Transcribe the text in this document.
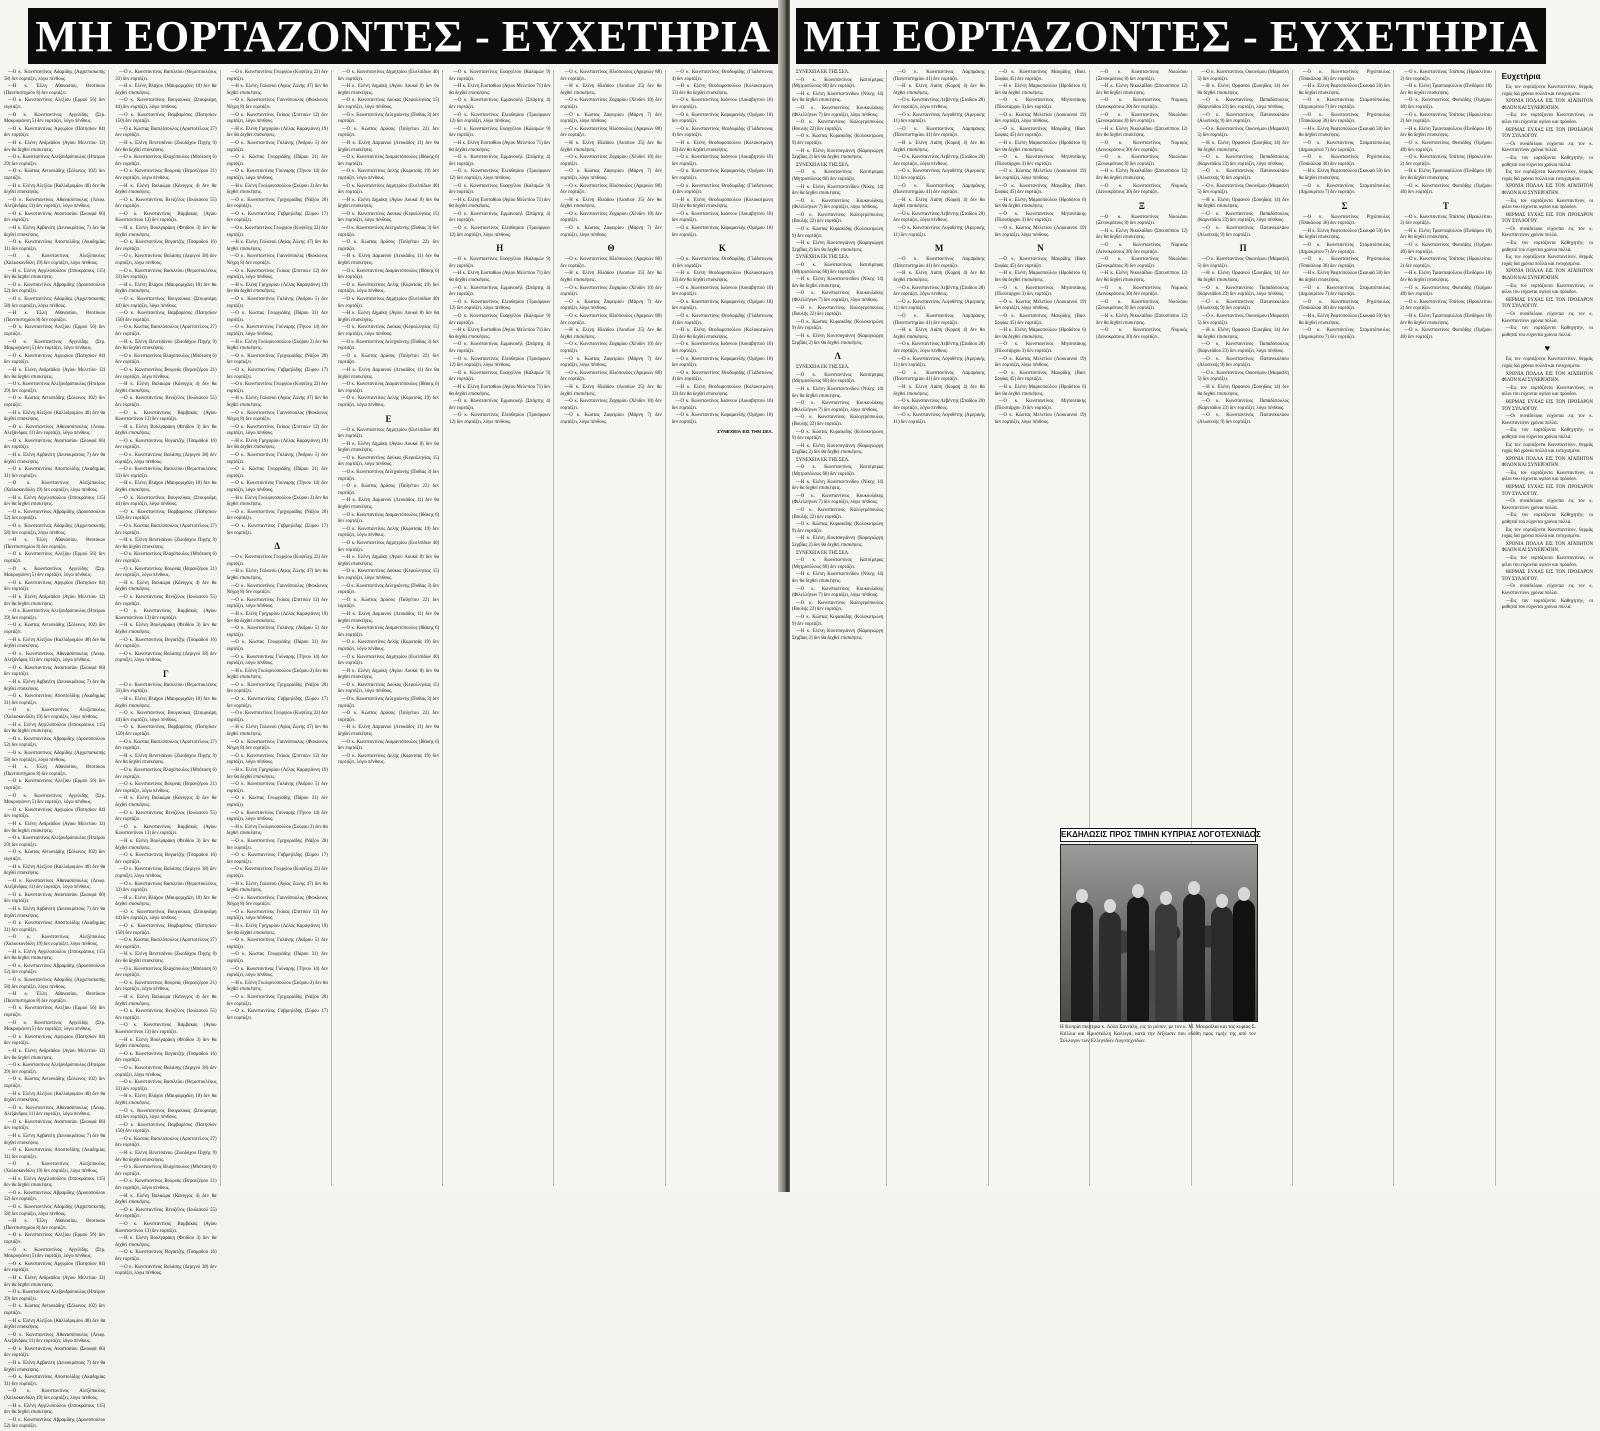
ΜΗ ΕΟΡΤΑΖΟΝΤΕΣ - ΕΥΧΕΤΗΡΙΑ

—Ο κ. Κωνσταντίνος Αδαμίδης (Αρχιεπισκοπής 58) δεν εορτάζει, λόγω πένθους.

—Η κ. Έλλη Αθανασίου, Θεοτόκου (Πανεπιστημίου 8) δεν εορτάζει.

—Ο κ. Κωνσταντίνος Αλεξίου (Ερμού 56) δεν εορτάζει.

—Ο κ. Κωνσταντίνος Αγγελίδης (Στρ. Μακρυγιάννη 5) δεν εορτάζει, λόγω πένθους.

—Ο κ. Κωνσταντίνος Αργυρίου (Πατησίων 84) δεν εορτάζει.

—Η κ. Ελένη Ανδρεάδου (Αγίου Μελετίου 12) δεν θα δεχθεί επισκέψεις.

—Ο κ. Κωνσταντίνος Αλεξανδρόπουλος (Ηπείρου 29) δεν εορτάζει.

—Ο κ. Κώστας Αντωνιάδης (Σόλωνος 102) δεν εορτάζει.

—Η κ. Ελένη Αλεξίου (Καλλιδρομίου 40) δεν θα δεχθεί επισκέψεις.

—Ο κ. Κωνσταντίνος Αθανασόπουλος (Λεωφ. Αλεξάνδρας 11) δεν εορτάζει, λόγω πένθους.

—Ο κ. Κωνσταντίνος Αναστασίου (Σκουφά 66) δεν εορτάζει.

—Η κ. Ελένη Αρβανίτη (Δεινοκράτους 7) δεν θα δεχθεί επισκέψεις.

—Ο κ. Κωνσταντίνος Αποστολίδης (Ακαδημίας 31) δεν εορτάζει.

—Ο κ. Κωνσταντίνος Αλεξόπουλος (Χαλκοκονδύλη 19) δεν εορτάζει, λόγω πένθους.

—Η κ. Ελένη Αγγελοπούλου (Ιπποκράτους 115) δεν θα δεχθεί επισκέψεις.

—Ο κ. Κωνσταντίνος Αβραμίδης (Δροσοπούλου 52) δεν εορτάζει.

—Ο κ. Κωνσταντίνος Αδαμίδης (Αρχιεπισκοπής 58) δεν εορτάζει, λόγω πένθους.

—Η κ. Έλλη Αθανασίου, Θεοτόκου (Πανεπιστημίου 8) δεν εορτάζει.

—Ο κ. Κωνσταντίνος Αλεξίου (Ερμού 56) δεν εορτάζει.

—Ο κ. Κωνσταντίνος Αγγελίδης (Στρ. Μακρυγιάννη 5) δεν εορτάζει, λόγω πένθους.

—Ο κ. Κωνσταντίνος Αργυρίου (Πατησίων 84) δεν εορτάζει.

—Η κ. Ελένη Ανδρεάδου (Αγίου Μελετίου 12) δεν θα δεχθεί επισκέψεις.

—Ο κ. Κωνσταντίνος Αλεξανδρόπουλος (Ηπείρου 29) δεν εορτάζει.

—Ο κ. Κώστας Αντωνιάδης (Σόλωνος 102) δεν εορτάζει.

—Η κ. Ελένη Αλεξίου (Καλλιδρομίου 40) δεν θα δεχθεί επισκέψεις.

—Ο κ. Κωνσταντίνος Αθανασόπουλος (Λεωφ. Αλεξάνδρας 11) δεν εορτάζει, λόγω πένθους.

—Ο κ. Κωνσταντίνος Αναστασίου (Σκουφά 66) δεν εορτάζει.

—Η κ. Ελένη Αρβανίτη (Δεινοκράτους 7) δεν θα δεχθεί επισκέψεις.

—Ο κ. Κωνσταντίνος Αποστολίδης (Ακαδημίας 31) δεν εορτάζει.

—Ο κ. Κωνσταντίνος Αλεξόπουλος (Χαλκοκονδύλη 19) δεν εορτάζει, λόγω πένθους.

—Η κ. Ελένη Αγγελοπούλου (Ιπποκράτους 115) δεν θα δεχθεί επισκέψεις.

—Ο κ. Κωνσταντίνος Αβραμίδης (Δροσοπούλου 52) δεν εορτάζει.

—Ο κ. Κωνσταντίνος Αδαμίδης (Αρχιεπισκοπής 58) δεν εορτάζει, λόγω πένθους.

—Η κ. Έλλη Αθανασίου, Θεοτόκου (Πανεπιστημίου 8) δεν εορτάζει.

—Ο κ. Κωνσταντίνος Αλεξίου (Ερμού 56) δεν εορτάζει.

—Ο κ. Κωνσταντίνος Αγγελίδης (Στρ. Μακρυγιάννη 5) δεν εορτάζει, λόγω πένθους.

—Ο κ. Κωνσταντίνος Αργυρίου (Πατησίων 84) δεν εορτάζει.

—Η κ. Ελένη Ανδρεάδου (Αγίου Μελετίου 12) δεν θα δεχθεί επισκέψεις.

—Ο κ. Κωνσταντίνος Αλεξανδρόπουλος (Ηπείρου 29) δεν εορτάζει.

—Ο κ. Κώστας Αντωνιάδης (Σόλωνος 102) δεν εορτάζει.

—Η κ. Ελένη Αλεξίου (Καλλιδρομίου 40) δεν θα δεχθεί επισκέψεις.

—Ο κ. Κωνσταντίνος Αθανασόπουλος (Λεωφ. Αλεξάνδρας 11) δεν εορτάζει, λόγω πένθους.

—Ο κ. Κωνσταντίνος Αναστασίου (Σκουφά 66) δεν εορτάζει.

—Η κ. Ελένη Αρβανίτη (Δεινοκράτους 7) δεν θα δεχθεί επισκέψεις.

—Ο κ. Κωνσταντίνος Αποστολίδης (Ακαδημίας 31) δεν εορτάζει.

—Ο κ. Κωνσταντίνος Αλεξόπουλος (Χαλκοκονδύλη 19) δεν εορτάζει, λόγω πένθους.

—Η κ. Ελένη Αγγελοπούλου (Ιπποκράτους 115) δεν θα δεχθεί επισκέψεις.

—Ο κ. Κωνσταντίνος Αβραμίδης (Δροσοπούλου 52) δεν εορτάζει.

—Ο κ. Κωνσταντίνος Αδαμίδης (Αρχιεπισκοπής 58) δεν εορτάζει, λόγω πένθους.

—Η κ. Έλλη Αθανασίου, Θεοτόκου (Πανεπιστημίου 8) δεν εορτάζει.

—Ο κ. Κωνσταντίνος Αλεξίου (Ερμού 56) δεν εορτάζει.

—Ο κ. Κωνσταντίνος Αγγελίδης (Στρ. Μακρυγιάννη 5) δεν εορτάζει, λόγω πένθους.

—Ο κ. Κωνσταντίνος Αργυρίου (Πατησίων 84) δεν εορτάζει.

—Η κ. Ελένη Ανδρεάδου (Αγίου Μελετίου 12) δεν θα δεχθεί επισκέψεις.

—Ο κ. Κωνσταντίνος Αλεξανδρόπουλος (Ηπείρου 29) δεν εορτάζει.

—Ο κ. Κώστας Αντωνιάδης (Σόλωνος 102) δεν εορτάζει.

—Η κ. Ελένη Αλεξίου (Καλλιδρομίου 40) δεν θα δεχθεί επισκέψεις.

—Ο κ. Κωνσταντίνος Αθανασόπουλος (Λεωφ. Αλεξάνδρας 11) δεν εορτάζει, λόγω πένθους.

—Ο κ. Κωνσταντίνος Αναστασίου (Σκουφά 66) δεν εορτάζει.

—Η κ. Ελένη Αρβανίτη (Δεινοκράτους 7) δεν θα δεχθεί επισκέψεις.

—Ο κ. Κωνσταντίνος Αποστολίδης (Ακαδημίας 31) δεν εορτάζει.

—Ο κ. Κωνσταντίνος Αλεξόπουλος (Χαλκοκονδύλη 19) δεν εορτάζει, λόγω πένθους.

—Η κ. Ελένη Αγγελοπούλου (Ιπποκράτους 115) δεν θα δεχθεί επισκέψεις.

—Ο κ. Κωνσταντίνος Αβραμίδης (Δροσοπούλου 52) δεν εορτάζει.

—Ο κ. Κωνσταντίνος Αδαμίδης (Αρχιεπισκοπής 58) δεν εορτάζει, λόγω πένθους.

—Η κ. Έλλη Αθανασίου, Θεοτόκου (Πανεπιστημίου 8) δεν εορτάζει.

—Ο κ. Κωνσταντίνος Αλεξίου (Ερμού 56) δεν εορτάζει.

—Ο κ. Κωνσταντίνος Αγγελίδης (Στρ. Μακρυγιάννη 5) δεν εορτάζει, λόγω πένθους.

—Ο κ. Κωνσταντίνος Αργυρίου (Πατησίων 84) δεν εορτάζει.

—Η κ. Ελένη Ανδρεάδου (Αγίου Μελετίου 12) δεν θα δεχθεί επισκέψεις.

—Ο κ. Κωνσταντίνος Αλεξανδρόπουλος (Ηπείρου 29) δεν εορτάζει.

—Ο κ. Κώστας Αντωνιάδης (Σόλωνος 102) δεν εορτάζει.

—Η κ. Ελένη Αλεξίου (Καλλιδρομίου 40) δεν θα δεχθεί επισκέψεις.

—Ο κ. Κωνσταντίνος Αθανασόπουλος (Λεωφ. Αλεξάνδρας 11) δεν εορτάζει, λόγω πένθους.

—Ο κ. Κωνσταντίνος Αναστασίου (Σκουφά 66) δεν εορτάζει.

—Η κ. Ελένη Αρβανίτη (Δεινοκράτους 7) δεν θα δεχθεί επισκέψεις.

—Ο κ. Κωνσταντίνος Αποστολίδης (Ακαδημίας 31) δεν εορτάζει.

—Ο κ. Κωνσταντίνος Αλεξόπουλος (Χαλκοκονδύλη 19) δεν εορτάζει, λόγω πένθους.

—Η κ. Ελένη Αγγελοπούλου (Ιπποκράτους 115) δεν θα δεχθεί επισκέψεις.

—Ο κ. Κωνσταντίνος Αβραμίδης (Δροσοπούλου 52) δεν εορτάζει.

—Ο κ. Κωνσταντίνος Αδαμίδης (Αρχιεπισκοπής 58) δεν εορτάζει, λόγω πένθους.

—Η κ. Έλλη Αθανασίου, Θεοτόκου (Πανεπιστημίου 8) δεν εορτάζει.

—Ο κ. Κωνσταντίνος Αλεξίου (Ερμού 56) δεν εορτάζει.

—Ο κ. Κωνσταντίνος Αγγελίδης (Στρ. Μακρυγιάννη 5) δεν εορτάζει, λόγω πένθους.

—Ο κ. Κωνσταντίνος Αργυρίου (Πατησίων 84) δεν εορτάζει.

—Η κ. Ελένη Ανδρεάδου (Αγίου Μελετίου 12) δεν θα δεχθεί επισκέψεις.

—Ο κ. Κωνσταντίνος Αλεξανδρόπουλος (Ηπείρου 29) δεν εορτάζει.

—Ο κ. Κώστας Αντωνιάδης (Σόλωνος 102) δεν εορτάζει.

—Η κ. Ελένη Αλεξίου (Καλλιδρομίου 40) δεν θα δεχθεί επισκέψεις.

—Ο κ. Κωνσταντίνος Αθανασόπουλος (Λεωφ. Αλεξάνδρας 11) δεν εορτάζει, λόγω πένθους.

—Ο κ. Κωνσταντίνος Αναστασίου (Σκουφά 66) δεν εορτάζει.

—Η κ. Ελένη Αρβανίτη (Δεινοκράτους 7) δεν θα δεχθεί επισκέψεις.

—Ο κ. Κωνσταντίνος Αποστολίδης (Ακαδημίας 31) δεν εορτάζει.

—Ο κ. Κωνσταντίνος Αλεξόπουλος (Χαλκοκονδύλη 19) δεν εορτάζει, λόγω πένθους.

—Η κ. Ελένη Αγγελοπούλου (Ιπποκράτους 115) δεν θα δεχθεί επισκέψεις.

—Ο κ. Κωνσταντίνος Αβραμίδης (Δροσοπούλου 52) δεν εορτάζει.

—Ο κ. Κωνσταντίνος Βασιλείου (Θεμιστοκλέους 33) δεν εορτάζει.

—Η κ. Ελένη Βλάχου (Μαυρομιχάλη 18) δεν θα δεχθεί επισκέψεις.

—Ο κ. Κωνσταντίνος Βουγιούκας (Στουρνάρη 44) δεν εορτάζει, λόγω πένθους.

—Ο κ. Κωνσταντίνος Βαρβαρέσος (Πατησίων 150) δεν εορτάζει.

—Ο κ. Κώστας Βασιλόπουλος (Αριστοτέλους 27) δεν εορτάζει.

—Η κ. Ελένη Βενετσάνου (Ζωοδόχου Πηγής 9) δεν θα δεχθεί επισκέψεις.

—Ο κ. Κωνσταντίνος Βλαχόπουλος (Μπόταση 6) δεν εορτάζει.

—Ο κ. Κωνσταντίνος Βουρνάς (Βερανζέρου 21) δεν εορτάζει, λόγω πένθους.

—Η κ. Ελένη Βαλαώρα (Κάνιγγος 4) δεν θα δεχθεί επισκέψεις.

—Ο κ. Κωνσταντίνος Βενιζέλος (Ιουλιανού 55) δεν εορτάζει.

—Ο κ. Κωνσταντίνος Βαμβακάς (Αγίου Κωνσταντίνου 13) δεν εορτάζει.

—Η κ. Ελένη Βουλγαράκη (Φειδίου 3) δεν θα δεχθεί επισκέψεις.

—Ο κ. Κωνσταντίνος Βογιατζής (Τσαμαδού 16) δεν εορτάζει.

—Ο κ. Κωνσταντίνος Βαλάσης (Δεριγνύ 38) δεν εορτάζει, λόγω πένθους.

—Ο κ. Κωνσταντίνος Βασιλείου (Θεμιστοκλέους 33) δεν εορτάζει.

—Η κ. Ελένη Βλάχου (Μαυρομιχάλη 18) δεν θα δεχθεί επισκέψεις.

—Ο κ. Κωνσταντίνος Βουγιούκας (Στουρνάρη 44) δεν εορτάζει, λόγω πένθους.

—Ο κ. Κωνσταντίνος Βαρβαρέσος (Πατησίων 150) δεν εορτάζει.

—Ο κ. Κώστας Βασιλόπουλος (Αριστοτέλους 27) δεν εορτάζει.

—Η κ. Ελένη Βενετσάνου (Ζωοδόχου Πηγής 9) δεν θα δεχθεί επισκέψεις.

—Ο κ. Κωνσταντίνος Βλαχόπουλος (Μπόταση 6) δεν εορτάζει.

—Ο κ. Κωνσταντίνος Βουρνάς (Βερανζέρου 21) δεν εορτάζει, λόγω πένθους.

—Η κ. Ελένη Βαλαώρα (Κάνιγγος 4) δεν θα δεχθεί επισκέψεις.

—Ο κ. Κωνσταντίνος Βενιζέλος (Ιουλιανού 55) δεν εορτάζει.

—Ο κ. Κωνσταντίνος Βαμβακάς (Αγίου Κωνσταντίνου 13) δεν εορτάζει.

—Η κ. Ελένη Βουλγαράκη (Φειδίου 3) δεν θα δεχθεί επισκέψεις.

—Ο κ. Κωνσταντίνος Βογιατζής (Τσαμαδού 16) δεν εορτάζει.

—Ο κ. Κωνσταντίνος Βαλάσης (Δεριγνύ 38) δεν εορτάζει, λόγω πένθους.

—Ο κ. Κωνσταντίνος Βασιλείου (Θεμιστοκλέους 33) δεν εορτάζει.

—Η κ. Ελένη Βλάχου (Μαυρομιχάλη 18) δεν θα δεχθεί επισκέψεις.

—Ο κ. Κωνσταντίνος Βουγιούκας (Στουρνάρη 44) δεν εορτάζει, λόγω πένθους.

—Ο κ. Κωνσταντίνος Βαρβαρέσος (Πατησίων 150) δεν εορτάζει.

—Ο κ. Κώστας Βασιλόπουλος (Αριστοτέλους 27) δεν εορτάζει.

—Η κ. Ελένη Βενετσάνου (Ζωοδόχου Πηγής 9) δεν θα δεχθεί επισκέψεις.

—Ο κ. Κωνσταντίνος Βλαχόπουλος (Μπόταση 6) δεν εορτάζει.

—Ο κ. Κωνσταντίνος Βουρνάς (Βερανζέρου 21) δεν εορτάζει, λόγω πένθους.

—Η κ. Ελένη Βαλαώρα (Κάνιγγος 4) δεν θα δεχθεί επισκέψεις.

—Ο κ. Κωνσταντίνος Βενιζέλος (Ιουλιανού 55) δεν εορτάζει.

—Ο κ. Κωνσταντίνος Βαμβακάς (Αγίου Κωνσταντίνου 13) δεν εορτάζει.

—Η κ. Ελένη Βουλγαράκη (Φειδίου 3) δεν θα δεχθεί επισκέψεις.

—Ο κ. Κωνσταντίνος Βογιατζής (Τσαμαδού 16) δεν εορτάζει.

—Ο κ. Κωνσταντίνος Βαλάσης (Δεριγνύ 38) δεν εορτάζει, λόγω πένθους.

Γ

—Ο κ. Κωνσταντίνος Βασιλείου (Θεμιστοκλέους 33) δεν εορτάζει.

—Η κ. Ελένη Βλάχου (Μαυρομιχάλη 18) δεν θα δεχθεί επισκέψεις.

—Ο κ. Κωνσταντίνος Βουγιούκας (Στουρνάρη 44) δεν εορτάζει, λόγω πένθους.

—Ο κ. Κωνσταντίνος Βαρβαρέσος (Πατησίων 150) δεν εορτάζει.

—Ο κ. Κώστας Βασιλόπουλος (Αριστοτέλους 27) δεν εορτάζει.

—Η κ. Ελένη Βενετσάνου (Ζωοδόχου Πηγής 9) δεν θα δεχθεί επισκέψεις.

—Ο κ. Κωνσταντίνος Βλαχόπουλος (Μπόταση 6) δεν εορτάζει.

—Ο κ. Κωνσταντίνος Βουρνάς (Βερανζέρου 21) δεν εορτάζει, λόγω πένθους.

—Η κ. Ελένη Βαλαώρα (Κάνιγγος 4) δεν θα δεχθεί επισκέψεις.

—Ο κ. Κωνσταντίνος Βενιζέλος (Ιουλιανού 55) δεν εορτάζει.

—Ο κ. Κωνσταντίνος Βαμβακάς (Αγίου Κωνσταντίνου 13) δεν εορτάζει.

—Η κ. Ελένη Βουλγαράκη (Φειδίου 3) δεν θα δεχθεί επισκέψεις.

—Ο κ. Κωνσταντίνος Βογιατζής (Τσαμαδού 16) δεν εορτάζει.

—Ο κ. Κωνσταντίνος Βαλάσης (Δεριγνύ 38) δεν εορτάζει, λόγω πένθους.

—Ο κ. Κωνσταντίνος Βασιλείου (Θεμιστοκλέους 33) δεν εορτάζει.

—Η κ. Ελένη Βλάχου (Μαυρομιχάλη 18) δεν θα δεχθεί επισκέψεις.

—Ο κ. Κωνσταντίνος Βουγιούκας (Στουρνάρη 44) δεν εορτάζει, λόγω πένθους.

—Ο κ. Κωνσταντίνος Βαρβαρέσος (Πατησίων 150) δεν εορτάζει.

—Ο κ. Κώστας Βασιλόπουλος (Αριστοτέλους 27) δεν εορτάζει.

—Η κ. Ελένη Βενετσάνου (Ζωοδόχου Πηγής 9) δεν θα δεχθεί επισκέψεις.

—Ο κ. Κωνσταντίνος Βλαχόπουλος (Μπόταση 6) δεν εορτάζει.

—Ο κ. Κωνσταντίνος Βουρνάς (Βερανζέρου 21) δεν εορτάζει, λόγω πένθους.

—Η κ. Ελένη Βαλαώρα (Κάνιγγος 4) δεν θα δεχθεί επισκέψεις.

—Ο κ. Κωνσταντίνος Βενιζέλος (Ιουλιανού 55) δεν εορτάζει.

—Ο κ. Κωνσταντίνος Βαμβακάς (Αγίου Κωνσταντίνου 13) δεν εορτάζει.

—Η κ. Ελένη Βουλγαράκη (Φειδίου 3) δεν θα δεχθεί επισκέψεις.

—Ο κ. Κωνσταντίνος Βογιατζής (Τσαμαδού 16) δεν εορτάζει.

—Ο κ. Κωνσταντίνος Βαλάσης (Δεριγνύ 38) δεν εορτάζει, λόγω πένθους.

—Ο κ. Κωνσταντίνος Βασιλείου (Θεμιστοκλέους 33) δεν εορτάζει.

—Η κ. Ελένη Βλάχου (Μαυρομιχάλη 18) δεν θα δεχθεί επισκέψεις.

—Ο κ. Κωνσταντίνος Βουγιούκας (Στουρνάρη 44) δεν εορτάζει, λόγω πένθους.

—Ο κ. Κωνσταντίνος Βαρβαρέσος (Πατησίων 150) δεν εορτάζει.

—Ο κ. Κώστας Βασιλόπουλος (Αριστοτέλους 27) δεν εορτάζει.

—Η κ. Ελένη Βενετσάνου (Ζωοδόχου Πηγής 9) δεν θα δεχθεί επισκέψεις.

—Ο κ. Κωνσταντίνος Βλαχόπουλος (Μπόταση 6) δεν εορτάζει.

—Ο κ. Κωνσταντίνος Βουρνάς (Βερανζέρου 21) δεν εορτάζει, λόγω πένθους.

—Η κ. Ελένη Βαλαώρα (Κάνιγγος 4) δεν θα δεχθεί επισκέψεις.

—Ο κ. Κωνσταντίνος Βενιζέλος (Ιουλιανού 55) δεν εορτάζει.

—Ο κ. Κωνσταντίνος Βαμβακάς (Αγίου Κωνσταντίνου 13) δεν εορτάζει.

—Η κ. Ελένη Βουλγαράκη (Φειδίου 3) δεν θα δεχθεί επισκέψεις.

—Ο κ. Κωνσταντίνος Βογιατζής (Τσαμαδού 16) δεν εορτάζει.

—Ο κ. Κωνσταντίνος Βαλάσης (Δεριγνύ 38) δεν εορτάζει, λόγω πένθους.

—Ο κ. Κωνσταντίνος Γεωργίου (Κυψέλης 22) δεν εορτάζει.

—Η κ. Ελένη Γαλανού (Αγίας Ζώνης 47) δεν θα δεχθεί επισκέψεις.

—Ο κ. Κωνσταντίνος Γιαννόπουλος (Φωκίωνος Νέγρη 8) δεν εορτάζει.

—Ο κ. Κωνσταντίνος Γκίκας (Σπετσών 12) δεν εορτάζει, λόγω πένθους.

—Η κ. Ελένη Γρηγορίου (Λέλας Καραγιάννη 19) δεν θα δεχθεί επισκέψεις.

—Ο κ. Κωνσταντίνος Γαλάνης (Άνδρου 5) δεν εορτάζει.

—Ο κ. Κώστας Γεωργιάδης (Πάρου 31) δεν εορτάζει.

—Ο κ. Κωνσταντίνος Γούναρης (Τήνου 14) δεν εορτάζει, λόγω πένθους.

—Η κ. Ελένη Γκολφινοπούλου (Σκύρου 2) δεν θα δεχθεί επισκέψεις.

—Ο κ. Κωνσταντίνος Γρηγοριάδης (Νάξου 28) δεν εορτάζει.

—Ο κ. Κωνσταντίνος Γαβριηλίδης (Σύρου 17) δεν εορτάζει.

—Ο κ. Κωνσταντίνος Γεωργίου (Κυψέλης 22) δεν εορτάζει.

—Η κ. Ελένη Γαλανού (Αγίας Ζώνης 47) δεν θα δεχθεί επισκέψεις.

—Ο κ. Κωνσταντίνος Γιαννόπουλος (Φωκίωνος Νέγρη 8) δεν εορτάζει.

—Ο κ. Κωνσταντίνος Γκίκας (Σπετσών 12) δεν εορτάζει, λόγω πένθους.

—Η κ. Ελένη Γρηγορίου (Λέλας Καραγιάννη 19) δεν θα δεχθεί επισκέψεις.

—Ο κ. Κωνσταντίνος Γαλάνης (Άνδρου 5) δεν εορτάζει.

—Ο κ. Κώστας Γεωργιάδης (Πάρου 31) δεν εορτάζει.

—Ο κ. Κωνσταντίνος Γούναρης (Τήνου 14) δεν εορτάζει, λόγω πένθους.

—Η κ. Ελένη Γκολφινοπούλου (Σκύρου 2) δεν θα δεχθεί επισκέψεις.

—Ο κ. Κωνσταντίνος Γρηγοριάδης (Νάξου 28) δεν εορτάζει.

—Ο κ. Κωνσταντίνος Γαβριηλίδης (Σύρου 17) δεν εορτάζει.

—Ο κ. Κωνσταντίνος Γεωργίου (Κυψέλης 22) δεν εορτάζει.

—Η κ. Ελένη Γαλανού (Αγίας Ζώνης 47) δεν θα δεχθεί επισκέψεις.

—Ο κ. Κωνσταντίνος Γιαννόπουλος (Φωκίωνος Νέγρη 8) δεν εορτάζει.

—Ο κ. Κωνσταντίνος Γκίκας (Σπετσών 12) δεν εορτάζει, λόγω πένθους.

—Η κ. Ελένη Γρηγορίου (Λέλας Καραγιάννη 19) δεν θα δεχθεί επισκέψεις.

—Ο κ. Κωνσταντίνος Γαλάνης (Άνδρου 5) δεν εορτάζει.

—Ο κ. Κώστας Γεωργιάδης (Πάρου 31) δεν εορτάζει.

—Ο κ. Κωνσταντίνος Γούναρης (Τήνου 14) δεν εορτάζει, λόγω πένθους.

—Η κ. Ελένη Γκολφινοπούλου (Σκύρου 2) δεν θα δεχθεί επισκέψεις.

—Ο κ. Κωνσταντίνος Γρηγοριάδης (Νάξου 28) δεν εορτάζει.

—Ο κ. Κωνσταντίνος Γαβριηλίδης (Σύρου 17) δεν εορτάζει.

Δ

—Ο κ. Κωνσταντίνος Γεωργίου (Κυψέλης 22) δεν εορτάζει.

—Η κ. Ελένη Γαλανού (Αγίας Ζώνης 47) δεν θα δεχθεί επισκέψεις.

—Ο κ. Κωνσταντίνος Γιαννόπουλος (Φωκίωνος Νέγρη 8) δεν εορτάζει.

—Ο κ. Κωνσταντίνος Γκίκας (Σπετσών 12) δεν εορτάζει, λόγω πένθους.

—Η κ. Ελένη Γρηγορίου (Λέλας Καραγιάννη 19) δεν θα δεχθεί επισκέψεις.

—Ο κ. Κωνσταντίνος Γαλάνης (Άνδρου 5) δεν εορτάζει.

—Ο κ. Κώστας Γεωργιάδης (Πάρου 31) δεν εορτάζει.

—Ο κ. Κωνσταντίνος Γούναρης (Τήνου 14) δεν εορτάζει, λόγω πένθους.

—Η κ. Ελένη Γκολφινοπούλου (Σκύρου 2) δεν θα δεχθεί επισκέψεις.

—Ο κ. Κωνσταντίνος Γρηγοριάδης (Νάξου 28) δεν εορτάζει.

—Ο κ. Κωνσταντίνος Γαβριηλίδης (Σύρου 17) δεν εορτάζει.

—Ο κ. Κωνσταντίνος Γεωργίου (Κυψέλης 22) δεν εορτάζει.

—Η κ. Ελένη Γαλανού (Αγίας Ζώνης 47) δεν θα δεχθεί επισκέψεις.

—Ο κ. Κωνσταντίνος Γιαννόπουλος (Φωκίωνος Νέγρη 8) δεν εορτάζει.

—Ο κ. Κωνσταντίνος Γκίκας (Σπετσών 12) δεν εορτάζει, λόγω πένθους.

—Η κ. Ελένη Γρηγορίου (Λέλας Καραγιάννη 19) δεν θα δεχθεί επισκέψεις.

—Ο κ. Κωνσταντίνος Γαλάνης (Άνδρου 5) δεν εορτάζει.

—Ο κ. Κώστας Γεωργιάδης (Πάρου 31) δεν εορτάζει.

—Ο κ. Κωνσταντίνος Γούναρης (Τήνου 14) δεν εορτάζει, λόγω πένθους.

—Η κ. Ελένη Γκολφινοπούλου (Σκύρου 2) δεν θα δεχθεί επισκέψεις.

—Ο κ. Κωνσταντίνος Γρηγοριάδης (Νάξου 28) δεν εορτάζει.

—Ο κ. Κωνσταντίνος Γαβριηλίδης (Σύρου 17) δεν εορτάζει.

—Ο κ. Κωνσταντίνος Γεωργίου (Κυψέλης 22) δεν εορτάζει.

—Η κ. Ελένη Γαλανού (Αγίας Ζώνης 47) δεν θα δεχθεί επισκέψεις.

—Ο κ. Κωνσταντίνος Γιαννόπουλος (Φωκίωνος Νέγρη 8) δεν εορτάζει.

—Ο κ. Κωνσταντίνος Γκίκας (Σπετσών 12) δεν εορτάζει, λόγω πένθους.

—Η κ. Ελένη Γρηγορίου (Λέλας Καραγιάννη 19) δεν θα δεχθεί επισκέψεις.

—Ο κ. Κωνσταντίνος Γαλάνης (Άνδρου 5) δεν εορτάζει.

—Ο κ. Κώστας Γεωργιάδης (Πάρου 31) δεν εορτάζει.

—Ο κ. Κωνσταντίνος Γούναρης (Τήνου 14) δεν εορτάζει, λόγω πένθους.

—Η κ. Ελένη Γκολφινοπούλου (Σκύρου 2) δεν θα δεχθεί επισκέψεις.

—Ο κ. Κωνσταντίνος Γρηγοριάδης (Νάξου 28) δεν εορτάζει.

—Ο κ. Κωνσταντίνος Γαβριηλίδης (Σύρου 17) δεν εορτάζει.

—Ο κ. Κωνσταντίνος Δημητρίου (Ευελπίδων 40) δεν εορτάζει.

—Η κ. Ελένη Δημάκη (Αγίου Λουκά 8) δεν θα δεχθεί επισκέψεις.

—Ο κ. Κωνσταντίνος Δούκας (Κεφαλληνίας 15) δεν εορτάζει, λόγω πένθους.

—Ο κ. Κωνσταντίνος Δεληγιάννης (Πυθίας 3) δεν εορτάζει.

—Ο κ. Κώστας Δρόσος (Ταϋγέτου 22) δεν εορτάζει.

—Η κ. Ελένη Δαμιανού (Λευκάδος 11) δεν θα δεχθεί επισκέψεις.

—Ο κ. Κωνσταντίνος Διαμαντόπουλος (Ιθάκης 6) δεν εορτάζει.

—Ο κ. Κωνσταντίνος Δελής (Κορυτσάς 19) δεν εορτάζει, λόγω πένθους.

—Ο κ. Κωνσταντίνος Δημητρίου (Ευελπίδων 40) δεν εορτάζει.

—Η κ. Ελένη Δημάκη (Αγίου Λουκά 8) δεν θα δεχθεί επισκέψεις.

—Ο κ. Κωνσταντίνος Δούκας (Κεφαλληνίας 15) δεν εορτάζει, λόγω πένθους.

—Ο κ. Κωνσταντίνος Δεληγιάννης (Πυθίας 3) δεν εορτάζει.

—Ο κ. Κώστας Δρόσος (Ταϋγέτου 22) δεν εορτάζει.

—Η κ. Ελένη Δαμιανού (Λευκάδος 11) δεν θα δεχθεί επισκέψεις.

—Ο κ. Κωνσταντίνος Διαμαντόπουλος (Ιθάκης 6) δεν εορτάζει.

—Ο κ. Κωνσταντίνος Δελής (Κορυτσάς 19) δεν εορτάζει, λόγω πένθους.

—Ο κ. Κωνσταντίνος Δημητρίου (Ευελπίδων 40) δεν εορτάζει.

—Η κ. Ελένη Δημάκη (Αγίου Λουκά 8) δεν θα δεχθεί επισκέψεις.

—Ο κ. Κωνσταντίνος Δούκας (Κεφαλληνίας 15) δεν εορτάζει, λόγω πένθους.

—Ο κ. Κωνσταντίνος Δεληγιάννης (Πυθίας 3) δεν εορτάζει.

—Ο κ. Κώστας Δρόσος (Ταϋγέτου 22) δεν εορτάζει.

—Η κ. Ελένη Δαμιανού (Λευκάδος 11) δεν θα δεχθεί επισκέψεις.

—Ο κ. Κωνσταντίνος Διαμαντόπουλος (Ιθάκης 6) δεν εορτάζει.

—Ο κ. Κωνσταντίνος Δελής (Κορυτσάς 19) δεν εορτάζει, λόγω πένθους.

Ε

—Ο κ. Κωνσταντίνος Δημητρίου (Ευελπίδων 40) δεν εορτάζει.

—Η κ. Ελένη Δημάκη (Αγίου Λουκά 8) δεν θα δεχθεί επισκέψεις.

—Ο κ. Κωνσταντίνος Δούκας (Κεφαλληνίας 15) δεν εορτάζει, λόγω πένθους.

—Ο κ. Κωνσταντίνος Δεληγιάννης (Πυθίας 3) δεν εορτάζει.

—Ο κ. Κώστας Δρόσος (Ταϋγέτου 22) δεν εορτάζει.

—Η κ. Ελένη Δαμιανού (Λευκάδος 11) δεν θα δεχθεί επισκέψεις.

—Ο κ. Κωνσταντίνος Διαμαντόπουλος (Ιθάκης 6) δεν εορτάζει.

—Ο κ. Κωνσταντίνος Δελής (Κορυτσάς 19) δεν εορτάζει, λόγω πένθους.

—Ο κ. Κωνσταντίνος Δημητρίου (Ευελπίδων 40) δεν εορτάζει.

—Η κ. Ελένη Δημάκη (Αγίου Λουκά 8) δεν θα δεχθεί επισκέψεις.

—Ο κ. Κωνσταντίνος Δούκας (Κεφαλληνίας 15) δεν εορτάζει, λόγω πένθους.

—Ο κ. Κωνσταντίνος Δεληγιάννης (Πυθίας 3) δεν εορτάζει.

—Ο κ. Κώστας Δρόσος (Ταϋγέτου 22) δεν εορτάζει.

—Η κ. Ελένη Δαμιανού (Λευκάδος 11) δεν θα δεχθεί επισκέψεις.

—Ο κ. Κωνσταντίνος Διαμαντόπουλος (Ιθάκης 6) δεν εορτάζει.

—Ο κ. Κωνσταντίνος Δελής (Κορυτσάς 19) δεν εορτάζει, λόγω πένθους.

—Ο κ. Κωνσταντίνος Δημητρίου (Ευελπίδων 40) δεν εορτάζει.

—Η κ. Ελένη Δημάκη (Αγίου Λουκά 8) δεν θα δεχθεί επισκέψεις.

—Ο κ. Κωνσταντίνος Δούκας (Κεφαλληνίας 15) δεν εορτάζει, λόγω πένθους.

—Ο κ. Κωνσταντίνος Δεληγιάννης (Πυθίας 3) δεν εορτάζει.

—Ο κ. Κώστας Δρόσος (Ταϋγέτου 22) δεν εορτάζει.

—Η κ. Ελένη Δαμιανού (Λευκάδος 11) δεν θα δεχθεί επισκέψεις.

—Ο κ. Κωνσταντίνος Διαμαντόπουλος (Ιθάκης 6) δεν εορτάζει.

—Ο κ. Κωνσταντίνος Δελής (Κορυτσάς 19) δεν εορτάζει, λόγω πένθους.

—Ο κ. Κωνσταντίνος Ευαγγέλου (Καλαμών 9) δεν εορτάζει.

—Η κ. Ελένη Ευσταθίου (Αγίου Μελετίου 71) δεν θα δεχθεί επισκέψεις.

—Ο κ. Κωνσταντίνος Εμμανουήλ (Σπάρτης 4) δεν εορτάζει.

—Ο κ. Κωνσταντίνος Ελευθερίου (Τρικόρφων 12) δεν εορτάζει, λόγω πένθους.

—Ο κ. Κωνσταντίνος Ευαγγέλου (Καλαμών 9) δεν εορτάζει.

—Η κ. Ελένη Ευσταθίου (Αγίου Μελετίου 71) δεν θα δεχθεί επισκέψεις.

—Ο κ. Κωνσταντίνος Εμμανουήλ (Σπάρτης 4) δεν εορτάζει.

—Ο κ. Κωνσταντίνος Ελευθερίου (Τρικόρφων 12) δεν εορτάζει, λόγω πένθους.

—Ο κ. Κωνσταντίνος Ευαγγέλου (Καλαμών 9) δεν εορτάζει.

—Η κ. Ελένη Ευσταθίου (Αγίου Μελετίου 71) δεν θα δεχθεί επισκέψεις.

—Ο κ. Κωνσταντίνος Εμμανουήλ (Σπάρτης 4) δεν εορτάζει.

—Ο κ. Κωνσταντίνος Ελευθερίου (Τρικόρφων 12) δεν εορτάζει, λόγω πένθους.

Η

—Ο κ. Κωνσταντίνος Ευαγγέλου (Καλαμών 9) δεν εορτάζει.

—Η κ. Ελένη Ευσταθίου (Αγίου Μελετίου 71) δεν θα δεχθεί επισκέψεις.

—Ο κ. Κωνσταντίνος Εμμανουήλ (Σπάρτης 4) δεν εορτάζει.

—Ο κ. Κωνσταντίνος Ελευθερίου (Τρικόρφων 12) δεν εορτάζει, λόγω πένθους.

—Ο κ. Κωνσταντίνος Ευαγγέλου (Καλαμών 9) δεν εορτάζει.

—Η κ. Ελένη Ευσταθίου (Αγίου Μελετίου 71) δεν θα δεχθεί επισκέψεις.

—Ο κ. Κωνσταντίνος Εμμανουήλ (Σπάρτης 4) δεν εορτάζει.

—Ο κ. Κωνσταντίνος Ελευθερίου (Τρικόρφων 12) δεν εορτάζει, λόγω πένθους.

—Ο κ. Κωνσταντίνος Ευαγγέλου (Καλαμών 9) δεν εορτάζει.

—Η κ. Ελένη Ευσταθίου (Αγίου Μελετίου 71) δεν θα δεχθεί επισκέψεις.

—Ο κ. Κωνσταντίνος Εμμανουήλ (Σπάρτης 4) δεν εορτάζει.

—Ο κ. Κωνσταντίνος Ελευθερίου (Τρικόρφων 12) δεν εορτάζει, λόγω πένθους.

—Ο κ. Κωνσταντίνος Ηλιόπουλος (Αχαρνών 88) δεν εορτάζει.

—Η κ. Ελένη Ηλιάδου (Λιοσίων 25) δεν θα δεχθεί επισκέψεις.

—Ο κ. Κωνσταντίνος Ζαχαρίου (Χέυδεν 10) δεν εορτάζει.

—Ο κ. Κώστας Ζαφειρίου (Μάρνη 7) δεν εορτάζει, λόγω πένθους.

—Ο κ. Κωνσταντίνος Ηλιόπουλος (Αχαρνών 88) δεν εορτάζει.

—Η κ. Ελένη Ηλιάδου (Λιοσίων 25) δεν θα δεχθεί επισκέψεις.

—Ο κ. Κωνσταντίνος Ζαχαρίου (Χέυδεν 10) δεν εορτάζει.

—Ο κ. Κώστας Ζαφειρίου (Μάρνη 7) δεν εορτάζει, λόγω πένθους.

—Ο κ. Κωνσταντίνος Ηλιόπουλος (Αχαρνών 88) δεν εορτάζει.

—Η κ. Ελένη Ηλιάδου (Λιοσίων 25) δεν θα δεχθεί επισκέψεις.

—Ο κ. Κωνσταντίνος Ζαχαρίου (Χέυδεν 10) δεν εορτάζει.

—Ο κ. Κώστας Ζαφειρίου (Μάρνη 7) δεν εορτάζει, λόγω πένθους.

Θ

—Ο κ. Κωνσταντίνος Ηλιόπουλος (Αχαρνών 88) δεν εορτάζει.

—Η κ. Ελένη Ηλιάδου (Λιοσίων 25) δεν θα δεχθεί επισκέψεις.

—Ο κ. Κωνσταντίνος Ζαχαρίου (Χέυδεν 10) δεν εορτάζει.

—Ο κ. Κώστας Ζαφειρίου (Μάρνη 7) δεν εορτάζει, λόγω πένθους.

—Ο κ. Κωνσταντίνος Ηλιόπουλος (Αχαρνών 88) δεν εορτάζει.

—Η κ. Ελένη Ηλιάδου (Λιοσίων 25) δεν θα δεχθεί επισκέψεις.

—Ο κ. Κωνσταντίνος Ζαχαρίου (Χέυδεν 10) δεν εορτάζει.

—Ο κ. Κώστας Ζαφειρίου (Μάρνη 7) δεν εορτάζει, λόγω πένθους.

—Ο κ. Κωνσταντίνος Ηλιόπουλος (Αχαρνών 88) δεν εορτάζει.

—Η κ. Ελένη Ηλιάδου (Λιοσίων 25) δεν θα δεχθεί επισκέψεις.

—Ο κ. Κωνσταντίνος Ζαχαρίου (Χέυδεν 10) δεν εορτάζει.

—Ο κ. Κώστας Ζαφειρίου (Μάρνη 7) δεν εορτάζει, λόγω πένθους.

—Ο κ. Κωνσταντίνος Θεοδωρίδης (Γλάδστωνος 4) δεν εορτάζει.

—Η κ. Ελένη Θεοδωροπούλου (Κολοκοτρώνη 33) δεν θα δεχθεί επισκέψεις.

—Ο κ. Κωνσταντίνος Ιωάννου (Λυκαβηττού 16) δεν εορτάζει.

—Ο κ. Κωνσταντίνος Καραμανλής (Ομήρου 18) δεν εορτάζει.

—Ο κ. Κωνσταντίνος Θεοδωρίδης (Γλάδστωνος 4) δεν εορτάζει.

—Η κ. Ελένη Θεοδωροπούλου (Κολοκοτρώνη 33) δεν θα δεχθεί επισκέψεις.

—Ο κ. Κωνσταντίνος Ιωάννου (Λυκαβηττού 16) δεν εορτάζει.

—Ο κ. Κωνσταντίνος Καραμανλής (Ομήρου 18) δεν εορτάζει.

—Ο κ. Κωνσταντίνος Θεοδωρίδης (Γλάδστωνος 4) δεν εορτάζει.

—Η κ. Ελένη Θεοδωροπούλου (Κολοκοτρώνη 33) δεν θα δεχθεί επισκέψεις.

—Ο κ. Κωνσταντίνος Ιωάννου (Λυκαβηττού 16) δεν εορτάζει.

—Ο κ. Κωνσταντίνος Καραμανλής (Ομήρου 18) δεν εορτάζει.

Κ

—Ο κ. Κωνσταντίνος Θεοδωρίδης (Γλάδστωνος 4) δεν εορτάζει.

—Η κ. Ελένη Θεοδωροπούλου (Κολοκοτρώνη 33) δεν θα δεχθεί επισκέψεις.

—Ο κ. Κωνσταντίνος Ιωάννου (Λυκαβηττού 16) δεν εορτάζει.

—Ο κ. Κωνσταντίνος Καραμανλής (Ομήρου 18) δεν εορτάζει.

—Ο κ. Κωνσταντίνος Θεοδωρίδης (Γλάδστωνος 4) δεν εορτάζει.

—Η κ. Ελένη Θεοδωροπούλου (Κολοκοτρώνη 33) δεν θα δεχθεί επισκέψεις.

—Ο κ. Κωνσταντίνος Ιωάννου (Λυκαβηττού 16) δεν εορτάζει.

—Ο κ. Κωνσταντίνος Καραμανλής (Ομήρου 18) δεν εορτάζει.

—Ο κ. Κωνσταντίνος Θεοδωρίδης (Γλάδστωνος 4) δεν εορτάζει.

—Η κ. Ελένη Θεοδωροπούλου (Κολοκοτρώνη 33) δεν θα δεχθεί επισκέψεις.

—Ο κ. Κωνσταντίνος Ιωάννου (Λυκαβηττού 16) δεν εορτάζει.

—Ο κ. Κωνσταντίνος Καραμανλής (Ομήρου 18) δεν εορτάζει.

ΣΥΝΕΧΕΙΑ ΕΙΣ ΤΗΝ ΣΕΛ.
ΜΗ ΕΟΡΤΑΖΟΝΤΕΣ - ΕΥΧΕΤΗΡΙΑ

ΣΥΝΕΧΕΙΑ ΕΚ ΤΗΣ ΣΕΛ.

—Ο κ. Κωνσταντίνος Κατσίμπρας (Μητροπόλεως 60) δεν εορτάζει.

—Η κ. Ελένη Κωνσταντινίδου (Νίκης 14) δεν θα δεχθεί επισκέψεις.

—Ο κ. Κωνσταντίνος Κουκουλάκης (Φιλελλήνων 7) δεν εορτάζει, λόγω πένθους.

—Ο κ. Κωνσταντίνος Καλογερόπουλος (Βουλής 22) δεν εορτάζει.

—Ο κ. Κώστας Κυριακίδης (Κολοκοτρώνη 9) δεν εορτάζει.

—Η κ. Ελένη Κουτσογιάννη (Καραγιώργη Σερβίας 2) δεν θα δεχθεί επισκέψεις.

ΣΥΝΕΧΕΙΑ ΕΚ ΤΗΣ ΣΕΛ.

—Ο κ. Κωνσταντίνος Κατσίμπρας (Μητροπόλεως 60) δεν εορτάζει.

—Η κ. Ελένη Κωνσταντινίδου (Νίκης 14) δεν θα δεχθεί επισκέψεις.

—Ο κ. Κωνσταντίνος Κουκουλάκης (Φιλελλήνων 7) δεν εορτάζει, λόγω πένθους.

—Ο κ. Κωνσταντίνος Καλογερόπουλος (Βουλής 22) δεν εορτάζει.

—Ο κ. Κώστας Κυριακίδης (Κολοκοτρώνη 9) δεν εορτάζει.

—Η κ. Ελένη Κουτσογιάννη (Καραγιώργη Σερβίας 2) δεν θα δεχθεί επισκέψεις.

ΣΥΝΕΧΕΙΑ ΕΚ ΤΗΣ ΣΕΛ.

—Ο κ. Κωνσταντίνος Κατσίμπρας (Μητροπόλεως 60) δεν εορτάζει.

—Η κ. Ελένη Κωνσταντινίδου (Νίκης 14) δεν θα δεχθεί επισκέψεις.

—Ο κ. Κωνσταντίνος Κουκουλάκης (Φιλελλήνων 7) δεν εορτάζει, λόγω πένθους.

—Ο κ. Κωνσταντίνος Καλογερόπουλος (Βουλής 22) δεν εορτάζει.

—Ο κ. Κώστας Κυριακίδης (Κολοκοτρώνη 9) δεν εορτάζει.

—Η κ. Ελένη Κουτσογιάννη (Καραγιώργη Σερβίας 2) δεν θα δεχθεί επισκέψεις.

Λ

ΣΥΝΕΧΕΙΑ ΕΚ ΤΗΣ ΣΕΛ.

—Ο κ. Κωνσταντίνος Κατσίμπρας (Μητροπόλεως 60) δεν εορτάζει.

—Η κ. Ελένη Κωνσταντινίδου (Νίκης 14) δεν θα δεχθεί επισκέψεις.

—Ο κ. Κωνσταντίνος Κουκουλάκης (Φιλελλήνων 7) δεν εορτάζει, λόγω πένθους.

—Ο κ. Κωνσταντίνος Καλογερόπουλος (Βουλής 22) δεν εορτάζει.

—Ο κ. Κώστας Κυριακίδης (Κολοκοτρώνη 9) δεν εορτάζει.

—Η κ. Ελένη Κουτσογιάννη (Καραγιώργη Σερβίας 2) δεν θα δεχθεί επισκέψεις.

ΣΥΝΕΧΕΙΑ ΕΚ ΤΗΣ ΣΕΛ.

—Ο κ. Κωνσταντίνος Κατσίμπρας (Μητροπόλεως 60) δεν εορτάζει.

—Η κ. Ελένη Κωνσταντινίδου (Νίκης 14) δεν θα δεχθεί επισκέψεις.

—Ο κ. Κωνσταντίνος Κουκουλάκης (Φιλελλήνων 7) δεν εορτάζει, λόγω πένθους.

—Ο κ. Κωνσταντίνος Καλογερόπουλος (Βουλής 22) δεν εορτάζει.

—Ο κ. Κώστας Κυριακίδης (Κολοκοτρώνη 9) δεν εορτάζει.

—Η κ. Ελένη Κουτσογιάννη (Καραγιώργη Σερβίας 2) δεν θα δεχθεί επισκέψεις.

ΣΥΝΕΧΕΙΑ ΕΚ ΤΗΣ ΣΕΛ.

—Ο κ. Κωνσταντίνος Κατσίμπρας (Μητροπόλεως 60) δεν εορτάζει.

—Η κ. Ελένη Κωνσταντινίδου (Νίκης 14) δεν θα δεχθεί επισκέψεις.

—Ο κ. Κωνσταντίνος Κουκουλάκης (Φιλελλήνων 7) δεν εορτάζει, λόγω πένθους.

—Ο κ. Κωνσταντίνος Καλογερόπουλος (Βουλής 22) δεν εορτάζει.

—Ο κ. Κώστας Κυριακίδης (Κολοκοτρώνη 9) δεν εορτάζει.

—Η κ. Ελένη Κουτσογιάννη (Καραγιώργη Σερβίας 2) δεν θα δεχθεί επισκέψεις.

—Ο κ. Κωνσταντίνος Λαμπράκης (Πανεπιστημίου 41) δεν εορτάζει.

—Η κ. Ελένη Λιάπη (Κοραή 4) δεν θα δεχθεί επισκέψεις.

—Ο κ. Κωνσταντίνος Λεβέντης (Σταδίου 28) δεν εορτάζει, λόγω πένθους.

—Ο κ. Κωνσταντίνος Λογοθέτης (Αμερικής 11) δεν εορτάζει.

—Ο κ. Κωνσταντίνος Λαμπράκης (Πανεπιστημίου 41) δεν εορτάζει.

—Η κ. Ελένη Λιάπη (Κοραή 4) δεν θα δεχθεί επισκέψεις.

—Ο κ. Κωνσταντίνος Λεβέντης (Σταδίου 28) δεν εορτάζει, λόγω πένθους.

—Ο κ. Κωνσταντίνος Λογοθέτης (Αμερικής 11) δεν εορτάζει.

—Ο κ. Κωνσταντίνος Λαμπράκης (Πανεπιστημίου 41) δεν εορτάζει.

—Η κ. Ελένη Λιάπη (Κοραή 4) δεν θα δεχθεί επισκέψεις.

—Ο κ. Κωνσταντίνος Λεβέντης (Σταδίου 28) δεν εορτάζει, λόγω πένθους.

—Ο κ. Κωνσταντίνος Λογοθέτης (Αμερικής 11) δεν εορτάζει.

Μ

—Ο κ. Κωνσταντίνος Λαμπράκης (Πανεπιστημίου 41) δεν εορτάζει.

—Η κ. Ελένη Λιάπη (Κοραή 4) δεν θα δεχθεί επισκέψεις.

—Ο κ. Κωνσταντίνος Λεβέντης (Σταδίου 28) δεν εορτάζει, λόγω πένθους.

—Ο κ. Κωνσταντίνος Λογοθέτης (Αμερικής 11) δεν εορτάζει.

—Ο κ. Κωνσταντίνος Λαμπράκης (Πανεπιστημίου 41) δεν εορτάζει.

—Η κ. Ελένη Λιάπη (Κοραή 4) δεν θα δεχθεί επισκέψεις.

—Ο κ. Κωνσταντίνος Λεβέντης (Σταδίου 28) δεν εορτάζει, λόγω πένθους.

—Ο κ. Κωνσταντίνος Λογοθέτης (Αμερικής 11) δεν εορτάζει.

—Ο κ. Κωνσταντίνος Λαμπράκης (Πανεπιστημίου 41) δεν εορτάζει.

—Η κ. Ελένη Λιάπη (Κοραή 4) δεν θα δεχθεί επισκέψεις.

—Ο κ. Κωνσταντίνος Λεβέντης (Σταδίου 28) δεν εορτάζει, λόγω πένθους.

—Ο κ. Κωνσταντίνος Λογοθέτης (Αμερικής 11) δεν εορτάζει.

—Ο κ. Κωνσταντίνος Μαυρίδης (Βασ. Σοφίας 45) δεν εορτάζει.

—Η κ. Ελένη Μαρκοπούλου (Ηροδότου 6) δεν θα δεχθεί επισκέψεις.

—Ο κ. Κωνσταντίνος Μητσοτάκης (Πλουτάρχου 3) δεν εορτάζει.

—Ο κ. Κώστας Μελετίου (Λουκιανού 19) δεν εορτάζει, λόγω πένθους.

—Ο κ. Κωνσταντίνος Μαυρίδης (Βασ. Σοφίας 45) δεν εορτάζει.

—Η κ. Ελένη Μαρκοπούλου (Ηροδότου 6) δεν θα δεχθεί επισκέψεις.

—Ο κ. Κωνσταντίνος Μητσοτάκης (Πλουτάρχου 3) δεν εορτάζει.

—Ο κ. Κώστας Μελετίου (Λουκιανού 19) δεν εορτάζει, λόγω πένθους.

—Ο κ. Κωνσταντίνος Μαυρίδης (Βασ. Σοφίας 45) δεν εορτάζει.

—Η κ. Ελένη Μαρκοπούλου (Ηροδότου 6) δεν θα δεχθεί επισκέψεις.

—Ο κ. Κωνσταντίνος Μητσοτάκης (Πλουτάρχου 3) δεν εορτάζει.

—Ο κ. Κώστας Μελετίου (Λουκιανού 19) δεν εορτάζει, λόγω πένθους.

Ν

—Ο κ. Κωνσταντίνος Μαυρίδης (Βασ. Σοφίας 45) δεν εορτάζει.

—Η κ. Ελένη Μαρκοπούλου (Ηροδότου 6) δεν θα δεχθεί επισκέψεις.

—Ο κ. Κωνσταντίνος Μητσοτάκης (Πλουτάρχου 3) δεν εορτάζει.

—Ο κ. Κώστας Μελετίου (Λουκιανού 19) δεν εορτάζει, λόγω πένθους.

—Ο κ. Κωνσταντίνος Μαυρίδης (Βασ. Σοφίας 45) δεν εορτάζει.

—Η κ. Ελένη Μαρκοπούλου (Ηροδότου 6) δεν θα δεχθεί επισκέψεις.

—Ο κ. Κωνσταντίνος Μητσοτάκης (Πλουτάρχου 3) δεν εορτάζει.

—Ο κ. Κώστας Μελετίου (Λουκιανού 19) δεν εορτάζει, λόγω πένθους.

—Ο κ. Κωνσταντίνος Μαυρίδης (Βασ. Σοφίας 45) δεν εορτάζει.

—Η κ. Ελένη Μαρκοπούλου (Ηροδότου 6) δεν θα δεχθεί επισκέψεις.

—Ο κ. Κωνσταντίνος Μητσοτάκης (Πλουτάρχου 3) δεν εορτάζει.

—Ο κ. Κώστας Μελετίου (Λουκιανού 19) δεν εορτάζει, λόγω πένθους.

—Ο κ. Κωνσταντίνος Νικολάου (Ξενοκράτους 8) δεν εορτάζει.

—Η κ. Ελένη Νικολαΐδου (Σπευσίππου 12) δεν θα δεχθεί επισκέψεις.

—Ο κ. Κωνσταντίνος Νομικός (Δεινοκράτους 30) δεν εορτάζει.

—Ο κ. Κωνσταντίνος Νικολάου (Ξενοκράτους 8) δεν εορτάζει.

—Η κ. Ελένη Νικολαΐδου (Σπευσίππου 12) δεν θα δεχθεί επισκέψεις.

—Ο κ. Κωνσταντίνος Νομικός (Δεινοκράτους 30) δεν εορτάζει.

—Ο κ. Κωνσταντίνος Νικολάου (Ξενοκράτους 8) δεν εορτάζει.

—Η κ. Ελένη Νικολαΐδου (Σπευσίππου 12) δεν θα δεχθεί επισκέψεις.

—Ο κ. Κωνσταντίνος Νομικός (Δεινοκράτους 30) δεν εορτάζει.

Ξ

—Ο κ. Κωνσταντίνος Νικολάου (Ξενοκράτους 8) δεν εορτάζει.

—Η κ. Ελένη Νικολαΐδου (Σπευσίππου 12) δεν θα δεχθεί επισκέψεις.

—Ο κ. Κωνσταντίνος Νομικός (Δεινοκράτους 30) δεν εορτάζει.

—Ο κ. Κωνσταντίνος Νικολάου (Ξενοκράτους 8) δεν εορτάζει.

—Η κ. Ελένη Νικολαΐδου (Σπευσίππου 12) δεν θα δεχθεί επισκέψεις.

—Ο κ. Κωνσταντίνος Νομικός (Δεινοκράτους 30) δεν εορτάζει.

—Ο κ. Κωνσταντίνος Νικολάου (Ξενοκράτους 8) δεν εορτάζει.

—Η κ. Ελένη Νικολαΐδου (Σπευσίππου 12) δεν θα δεχθεί επισκέψεις.

—Ο κ. Κωνσταντίνος Νομικός (Δεινοκράτους 30) δεν εορτάζει.

—Ο κ. Κωνσταντίνος Οικονόμου (Μαρασλή 5) δεν εορτάζει.

—Η κ. Ελένη Ορφανού (Σουηδίας 14) δεν θα δεχθεί επισκέψεις.

—Ο κ. Κωνσταντίνος Παπαδόπουλος (Καρνεάδου 23) δεν εορτάζει, λόγω πένθους.

—Ο κ. Κωνσταντίνος Παπανικολάου (Αλωπεκής 9) δεν εορτάζει.

—Ο κ. Κωνσταντίνος Οικονόμου (Μαρασλή 5) δεν εορτάζει.

—Η κ. Ελένη Ορφανού (Σουηδίας 14) δεν θα δεχθεί επισκέψεις.

—Ο κ. Κωνσταντίνος Παπαδόπουλος (Καρνεάδου 23) δεν εορτάζει, λόγω πένθους.

—Ο κ. Κωνσταντίνος Παπανικολάου (Αλωπεκής 9) δεν εορτάζει.

—Ο κ. Κωνσταντίνος Οικονόμου (Μαρασλή 5) δεν εορτάζει.

—Η κ. Ελένη Ορφανού (Σουηδίας 14) δεν θα δεχθεί επισκέψεις.

—Ο κ. Κωνσταντίνος Παπαδόπουλος (Καρνεάδου 23) δεν εορτάζει, λόγω πένθους.

—Ο κ. Κωνσταντίνος Παπανικολάου (Αλωπεκής 9) δεν εορτάζει.

Π

—Ο κ. Κωνσταντίνος Οικονόμου (Μαρασλή 5) δεν εορτάζει.

—Η κ. Ελένη Ορφανού (Σουηδίας 14) δεν θα δεχθεί επισκέψεις.

—Ο κ. Κωνσταντίνος Παπαδόπουλος (Καρνεάδου 23) δεν εορτάζει, λόγω πένθους.

—Ο κ. Κωνσταντίνος Παπανικολάου (Αλωπεκής 9) δεν εορτάζει.

—Ο κ. Κωνσταντίνος Οικονόμου (Μαρασλή 5) δεν εορτάζει.

—Η κ. Ελένη Ορφανού (Σουηδίας 14) δεν θα δεχθεί επισκέψεις.

—Ο κ. Κωνσταντίνος Παπαδόπουλος (Καρνεάδου 23) δεν εορτάζει, λόγω πένθους.

—Ο κ. Κωνσταντίνος Παπανικολάου (Αλωπεκής 9) δεν εορτάζει.

—Ο κ. Κωνσταντίνος Οικονόμου (Μαρασλή 5) δεν εορτάζει.

—Η κ. Ελένη Ορφανού (Σουηδίας 14) δεν θα δεχθεί επισκέψεις.

—Ο κ. Κωνσταντίνος Παπαδόπουλος (Καρνεάδου 23) δεν εορτάζει, λόγω πένθους.

—Ο κ. Κωνσταντίνος Παπανικολάου (Αλωπεκής 9) δεν εορτάζει.

—Ο κ. Κωνσταντίνος Ρηγόπουλος (Τσακάλωφ 36) δεν εορτάζει.

—Η κ. Ελένη Ραφτοπούλου (Σκουφά 50) δεν θα δεχθεί επισκέψεις.

—Ο κ. Κωνσταντίνος Σταματόπουλος (Δημοκρίτου 7) δεν εορτάζει.

—Ο κ. Κωνσταντίνος Ρηγόπουλος (Τσακάλωφ 36) δεν εορτάζει.

—Η κ. Ελένη Ραφτοπούλου (Σκουφά 50) δεν θα δεχθεί επισκέψεις.

—Ο κ. Κωνσταντίνος Σταματόπουλος (Δημοκρίτου 7) δεν εορτάζει.

—Ο κ. Κωνσταντίνος Ρηγόπουλος (Τσακάλωφ 36) δεν εορτάζει.

—Η κ. Ελένη Ραφτοπούλου (Σκουφά 50) δεν θα δεχθεί επισκέψεις.

—Ο κ. Κωνσταντίνος Σταματόπουλος (Δημοκρίτου 7) δεν εορτάζει.

Σ

—Ο κ. Κωνσταντίνος Ρηγόπουλος (Τσακάλωφ 36) δεν εορτάζει.

—Η κ. Ελένη Ραφτοπούλου (Σκουφά 50) δεν θα δεχθεί επισκέψεις.

—Ο κ. Κωνσταντίνος Σταματόπουλος (Δημοκρίτου 7) δεν εορτάζει.

—Ο κ. Κωνσταντίνος Ρηγόπουλος (Τσακάλωφ 36) δεν εορτάζει.

—Η κ. Ελένη Ραφτοπούλου (Σκουφά 50) δεν θα δεχθεί επισκέψεις.

—Ο κ. Κωνσταντίνος Σταματόπουλος (Δημοκρίτου 7) δεν εορτάζει.

—Ο κ. Κωνσταντίνος Ρηγόπουλος (Τσακάλωφ 36) δεν εορτάζει.

—Η κ. Ελένη Ραφτοπούλου (Σκουφά 50) δεν θα δεχθεί επισκέψεις.

—Ο κ. Κωνσταντίνος Σταματόπουλος (Δημοκρίτου 7) δεν εορτάζει.

—Ο κ. Κωνσταντίνος Τσάτσος (Ηρακλείτου 2) δεν εορτάζει.

—Η κ. Ελένη Τριανταφύλλου (Πινδάρου 18) δεν θα δεχθεί επισκέψεις.

—Ο κ. Κωνσταντίνος Φωτιάδης (Ομήρου 40) δεν εορτάζει.

—Ο κ. Κωνσταντίνος Τσάτσος (Ηρακλείτου 2) δεν εορτάζει.

—Η κ. Ελένη Τριανταφύλλου (Πινδάρου 18) δεν θα δεχθεί επισκέψεις.

—Ο κ. Κωνσταντίνος Φωτιάδης (Ομήρου 40) δεν εορτάζει.

—Ο κ. Κωνσταντίνος Τσάτσος (Ηρακλείτου 2) δεν εορτάζει.

—Η κ. Ελένη Τριανταφύλλου (Πινδάρου 18) δεν θα δεχθεί επισκέψεις.

—Ο κ. Κωνσταντίνος Φωτιάδης (Ομήρου 40) δεν εορτάζει.

Τ

—Ο κ. Κωνσταντίνος Τσάτσος (Ηρακλείτου 2) δεν εορτάζει.

—Η κ. Ελένη Τριανταφύλλου (Πινδάρου 18) δεν θα δεχθεί επισκέψεις.

—Ο κ. Κωνσταντίνος Φωτιάδης (Ομήρου 40) δεν εορτάζει.

—Ο κ. Κωνσταντίνος Τσάτσος (Ηρακλείτου 2) δεν εορτάζει.

—Η κ. Ελένη Τριανταφύλλου (Πινδάρου 18) δεν θα δεχθεί επισκέψεις.

—Ο κ. Κωνσταντίνος Φωτιάδης (Ομήρου 40) δεν εορτάζει.

—Ο κ. Κωνσταντίνος Τσάτσος (Ηρακλείτου 2) δεν εορτάζει.

—Η κ. Ελένη Τριανταφύλλου (Πινδάρου 18) δεν θα δεχθεί επισκέψεις.

—Ο κ. Κωνσταντίνος Φωτιάδης (Ομήρου 40) δεν εορτάζει.

Ευχετήρια

Εις τον εορτάζοντα Κωνσταντίνον, θερμάς ευχάς διά χρόνια πολλά και ευτυχισμένα.

ΧΡΟΝΙΑ ΠΟΛΛΑ ΕΙΣ ΤΟΝ ΑΓΑΠΗΤΟΝ ΦΙΛΟΝ ΚΑΙ ΣΥΝΕΡΓΑΤΗΝ.

—Εις τον εορτάζοντα Κωνσταντίνον, οι φίλοι του εύχονται υγείαν και πρόοδον.

ΘΕΡΜΑΣ ΕΥΧΑΣ ΕΙΣ ΤΟΝ ΠΡΟΕΔΡΟΝ ΤΟΥ ΣΥΛΛΟΓΟΥ.

—Οι συνάδελφοι εύχονται εις τον κ. Κωνσταντίνον χρόνια πολλά.

—Εις τον εορτάζοντα Καθηγητήν, οι μαθηταί του εύχονται χρόνια πολλά.

Εις τον εορτάζοντα Κωνσταντίνον, θερμάς ευχάς διά χρόνια πολλά και ευτυχισμένα.

ΧΡΟΝΙΑ ΠΟΛΛΑ ΕΙΣ ΤΟΝ ΑΓΑΠΗΤΟΝ ΦΙΛΟΝ ΚΑΙ ΣΥΝΕΡΓΑΤΗΝ.

—Εις τον εορτάζοντα Κωνσταντίνον, οι φίλοι του εύχονται υγείαν και πρόοδον.

ΘΕΡΜΑΣ ΕΥΧΑΣ ΕΙΣ ΤΟΝ ΠΡΟΕΔΡΟΝ ΤΟΥ ΣΥΛΛΟΓΟΥ.

—Οι συνάδελφοι εύχονται εις τον κ. Κωνσταντίνον χρόνια πολλά.

—Εις τον εορτάζοντα Καθηγητήν, οι μαθηταί του εύχονται χρόνια πολλά.

Εις τον εορτάζοντα Κωνσταντίνον, θερμάς ευχάς διά χρόνια πολλά και ευτυχισμένα.

ΧΡΟΝΙΑ ΠΟΛΛΑ ΕΙΣ ΤΟΝ ΑΓΑΠΗΤΟΝ ΦΙΛΟΝ ΚΑΙ ΣΥΝΕΡΓΑΤΗΝ.

—Εις τον εορτάζοντα Κωνσταντίνον, οι φίλοι του εύχονται υγείαν και πρόοδον.

ΘΕΡΜΑΣ ΕΥΧΑΣ ΕΙΣ ΤΟΝ ΠΡΟΕΔΡΟΝ ΤΟΥ ΣΥΛΛΟΓΟΥ.

—Οι συνάδελφοι εύχονται εις τον κ. Κωνσταντίνον χρόνια πολλά.

—Εις τον εορτάζοντα Καθηγητήν, οι μαθηταί του εύχονται χρόνια πολλά.

♥

Εις τον εορτάζοντα Κωνσταντίνον, θερμάς ευχάς διά χρόνια πολλά και ευτυχισμένα.

ΧΡΟΝΙΑ ΠΟΛΛΑ ΕΙΣ ΤΟΝ ΑΓΑΠΗΤΟΝ ΦΙΛΟΝ ΚΑΙ ΣΥΝΕΡΓΑΤΗΝ.

—Εις τον εορτάζοντα Κωνσταντίνον, οι φίλοι του εύχονται υγείαν και πρόοδον.

ΘΕΡΜΑΣ ΕΥΧΑΣ ΕΙΣ ΤΟΝ ΠΡΟΕΔΡΟΝ ΤΟΥ ΣΥΛΛΟΓΟΥ.

—Οι συνάδελφοι εύχονται εις τον κ. Κωνσταντίνον χρόνια πολλά.

—Εις τον εορτάζοντα Καθηγητήν, οι μαθηταί του εύχονται χρόνια πολλά.

Εις τον εορτάζοντα Κωνσταντίνον, θερμάς ευχάς διά χρόνια πολλά και ευτυχισμένα.

ΧΡΟΝΙΑ ΠΟΛΛΑ ΕΙΣ ΤΟΝ ΑΓΑΠΗΤΟΝ ΦΙΛΟΝ ΚΑΙ ΣΥΝΕΡΓΑΤΗΝ.

—Εις τον εορτάζοντα Κωνσταντίνον, οι φίλοι του εύχονται υγείαν και πρόοδον.

ΘΕΡΜΑΣ ΕΥΧΑΣ ΕΙΣ ΤΟΝ ΠΡΟΕΔΡΟΝ ΤΟΥ ΣΥΛΛΟΓΟΥ.

—Οι συνάδελφοι εύχονται εις τον κ. Κωνσταντίνον χρόνια πολλά.

—Εις τον εορτάζοντα Καθηγητήν, οι μαθηταί του εύχονται χρόνια πολλά.

Εις τον εορτάζοντα Κωνσταντίνον, θερμάς ευχάς διά χρόνια πολλά και ευτυχισμένα.

ΧΡΟΝΙΑ ΠΟΛΛΑ ΕΙΣ ΤΟΝ ΑΓΑΠΗΤΟΝ ΦΙΛΟΝ ΚΑΙ ΣΥΝΕΡΓΑΤΗΝ.

—Εις τον εορτάζοντα Κωνσταντίνον, οι φίλοι του εύχονται υγείαν και πρόοδον.

ΘΕΡΜΑΣ ΕΥΧΑΣ ΕΙΣ ΤΟΝ ΠΡΟΕΔΡΟΝ ΤΟΥ ΣΥΛΛΟΓΟΥ.

—Οι συνάδελφοι εύχονται εις τον κ. Κωνσταντίνον χρόνια πολλά.

—Εις τον εορτάζοντα Καθηγητήν, οι μαθηταί του εύχονται χρόνια πολλά.

ΕΚΔΗΛΩΣΙΣ ΠΡΟΣ ΤΙΜΗΝ ΚΥΠΡΙΑΣ ΛΟΓΟΤΕΧΝΙΔΟΣ
Η Κυπρία ποιήτρια κ. Λόλα Σαντάλη, εις το μέσον, με τον κ. Μ. Μαυραίλια και τας κυρίας Σ. Κόλλια και Κρυστάλλη Καλλιγά, κατά την δεξίωσιν που εδόθη προς τιμήν της από τον Σύλλογον των Ελληνίδων Λογοτεχνιδών.
